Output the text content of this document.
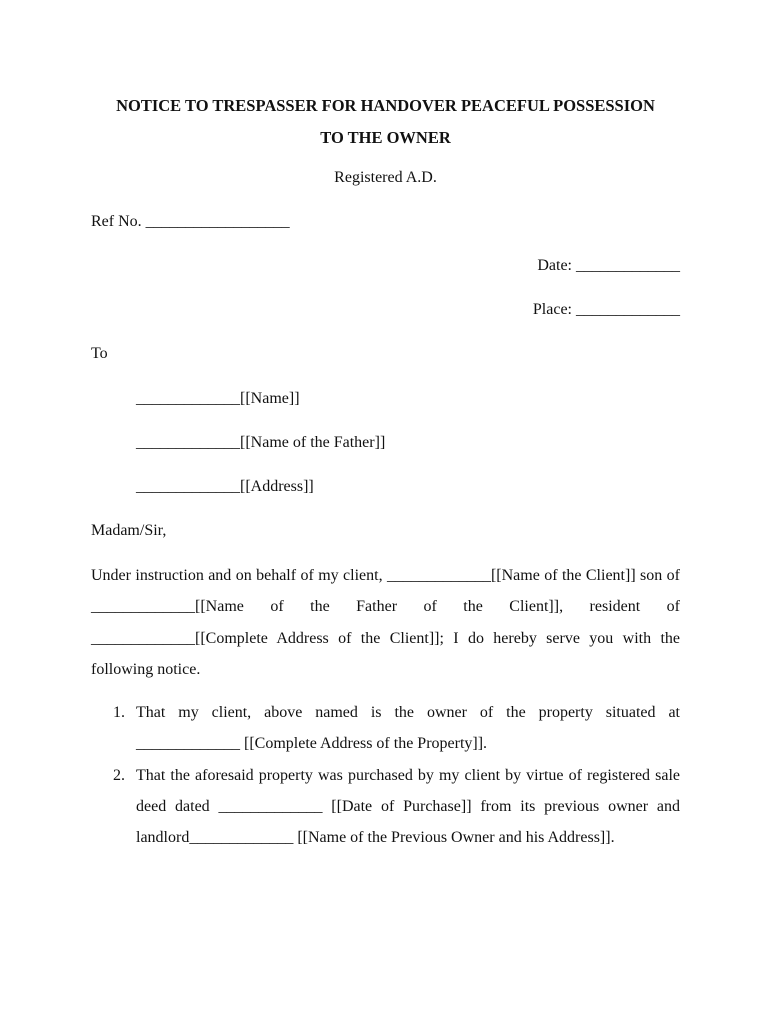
NOTICE TO TRESPASSER FOR HANDOVER PEACEFUL POSSESSION

TO THE OWNER

Registered A.D.

Ref No. __________________

Date: _____________

Place: _____________

To

_____________[[Name]]

_____________[[Name of the Father]]

_____________[[Address]]

Madam/Sir,

Under instruction and on behalf of my client, _____________[[Name of the Client]] son of _____________[[Name of the Father of the Client]], resident of _____________[[Complete Address of the Client]]; I do hereby serve you with the following notice.

1. That my client, above named is the owner of the property situated at _____________ [[Complete Address of the Property]].
2. That the aforesaid property was purchased by my client by virtue of registered sale deed dated _____________ [[Date of Purchase]] from its previous owner and landlord_____________ [[Name of the Previous Owner and his Address]].
